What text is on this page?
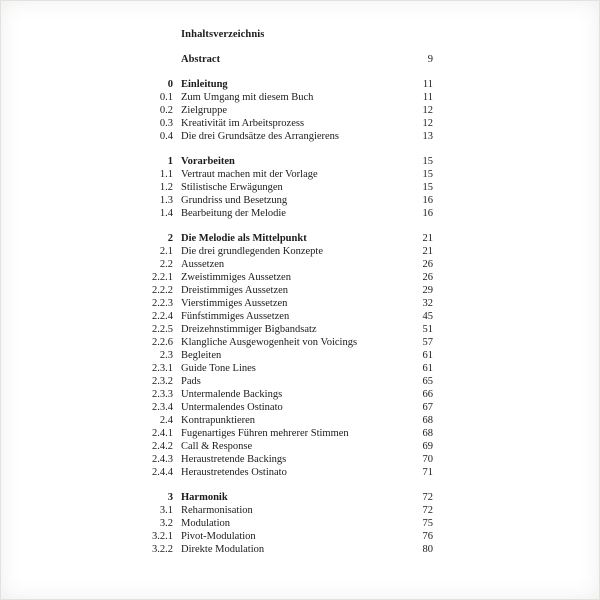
Inhaltsverzeichnis
Abstract	9
0 Einleitung	11
0.1 Zum Umgang mit diesem Buch	11
0.2 Zielgruppe	12
0.3 Kreativität im Arbeitsprozess	12
0.4 Die drei Grundsätze des Arrangierens	13
1 Vorarbeiten	15
1.1 Vertraut machen mit der Vorlage	15
1.2 Stilistische Erwägungen	15
1.3 Grundriss und Besetzung	16
1.4 Bearbeitung der Melodie	16
2 Die Melodie als Mittelpunkt	21
2.1 Die drei grundlegenden Konzepte	21
2.2 Aussetzen	26
2.2.1 Zweistimmiges Aussetzen	26
2.2.2 Dreistimmiges Aussetzen	29
2.2.3 Vierstimmiges Aussetzen	32
2.2.4 Fünfstimmiges Aussetzen	45
2.2.5 Dreizehnstimmiger Bigbandsatz	51
2.2.6 Klangliche Ausgewogenheit von Voicings	57
2.3 Begleiten	61
2.3.1 Guide Tone Lines	61
2.3.2 Pads	65
2.3.3 Untermalende Backings	66
2.3.4 Untermalendes Ostinato	67
2.4 Kontrapunktieren	68
2.4.1 Fugenartiges Führen mehrerer Stimmen	68
2.4.2 Call & Response	69
2.4.3 Heraustretende Backings	70
2.4.4 Heraustretendes Ostinato	71
3 Harmonik	72
3.1 Reharmonisation	72
3.2 Modulation	75
3.2.1 Pivot-Modulation	76
3.2.2 Direkte Modulation	80
